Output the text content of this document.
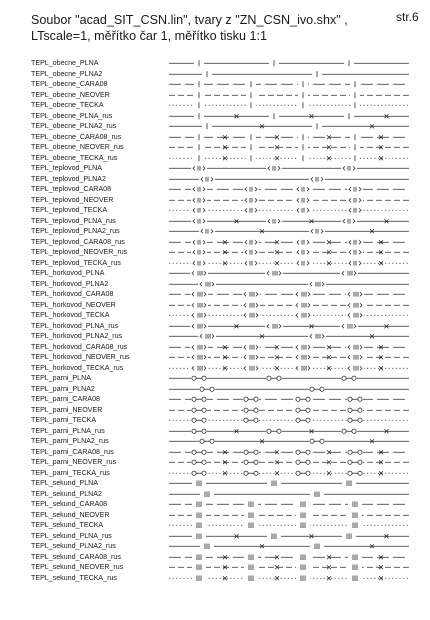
Soubor "acad_SIT_CSN.lin", tvary z "ZN_CSN_ivo.shx" ,
LTscale=1, měřítko čar 1, měřítko tisku 1:1
str.6
TEPL_obecne_PLNA
TEPL_obecne_PLNA2
TEPL_obecne_CARA08
TEPL_obecne_NEOVER
TEPL_obecne_TECKA
TEPL_obecne_PLNA_rus
TEPL_obecne_PLNA2_rus
TEPL_obecne_CARA08_rus
TEPL_obecne_NEOVER_rus
TEPL_obecne_TECKA_rus
TEPL_teplovod_PLNA
TEPL_teplovod_PLNA2
TEPL_teplovod_CARA08
TEPL_teplovod_NEOVER
TEPL_teplovod_TECKA
TEPL_teplovod_PLNA_rus
TEPL_teplovod_PLNA2_rus
TEPL_teplovod_CARA08_rus
TEPL_teplovod_NEOVER_rus
TEPL_teplovod_TECKA_rus
TEPL_horkovod_PLNA
TEPL_horkovod_PLNA2
TEPL_horkovod_CARA08
TEPL_horkovod_NEOVER
TEPL_horkovod_TECKA
TEPL_horkovod_PLNA_rus
TEPL_horkovod_PLNA2_rus
TEPL_horkovod_CARA08_rus
TEPL_horkovod_NEOVER_rus
TEPL_horkovod_TECKA_rus
TEPL_parni_PLNA
TEPL_parni_PLNA2
TEPL_parni_CARA08
TEPL_parni_NEOVER
TEPL_parni_TECKA
TEPL_parni_PLNA_rus
TEPL_parni_PLNA2_rus
TEPL_parni_CARA08_rus
TEPL_parni_NEOVER_rus
TEPL_parni_TECKA_rus
TEPL_sekund_PLNA
TEPL_sekund_PLNA2
TEPL_sekund_CARA08
TEPL_sekund_NEOVER
TEPL_sekund_TECKA
TEPL_sekund_PLNA_rus
TEPL_sekund_PLNA2_rus
TEPL_sekund_CARA08_rus
TEPL_sekund_NEOVER_rus
TEPL_sekund_TECKA_rus
